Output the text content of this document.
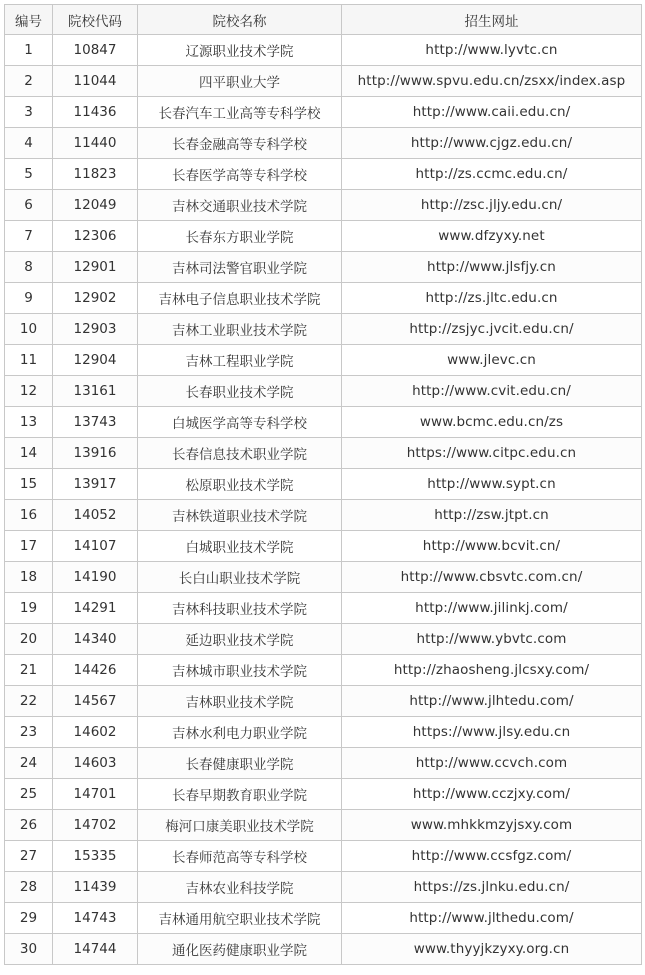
编号	院校代码	院校名称	招生网址
1	10847	辽源职业技术学院	http://www.lyvtc.cn
2	11044	四平职业大学	http://www.spvu.edu.cn/zsxx/index.asp
3	11436	长春汽车工业高等专科学校	http://www.caii.edu.cn/
4	11440	长春金融高等专科学校	http://www.cjgz.edu.cn/
5	11823	长春医学高等专科学校	http://zs.ccmc.edu.cn/
6	12049	吉林交通职业技术学院	http://zsc.jljy.edu.cn/
7	12306	长春东方职业学院	www.dfzyxy.net
8	12901	吉林司法警官职业学院	http://www.jlsfjy.cn
9	12902	吉林电子信息职业技术学院	http://zs.jltc.edu.cn
10	12903	吉林工业职业技术学院	http://zsjyc.jvcit.edu.cn/
11	12904	吉林工程职业学院	www.jlevc.cn
12	13161	长春职业技术学院	http://www.cvit.edu.cn/
13	13743	白城医学高等专科学校	www.bcmc.edu.cn/zs
14	13916	长春信息技术职业学院	https://www.citpc.edu.cn
15	13917	松原职业技术学院	http://www.sypt.cn
16	14052	吉林铁道职业技术学院	http://zsw.jtpt.cn
17	14107	白城职业技术学院	http://www.bcvit.cn/
18	14190	长白山职业技术学院	http://www.cbsvtc.com.cn/
19	14291	吉林科技职业技术学院	http://www.jilinkj.com/
20	14340	延边职业技术学院	http://www.ybvtc.com
21	14426	吉林城市职业技术学院	http://zhaosheng.jlcsxy.com/
22	14567	吉林职业技术学院	http://www.jlhtedu.com/
23	14602	吉林水利电力职业学院	https://www.jlsy.edu.cn
24	14603	长春健康职业学院	http://www.ccvch.com
25	14701	长春早期教育职业学院	http://www.cczjxy.com/
26	14702	梅河口康美职业技术学院	www.mhkkmzyjsxy.com
27	15335	长春师范高等专科学校	http://www.ccsfgz.com/
28	11439	吉林农业科技学院	https://zs.jlnku.edu.cn/
29	14743	吉林通用航空职业技术学院	http://www.jlthedu.com/
30	14744	通化医药健康职业学院	www.thyyjkzyxy.org.cn
